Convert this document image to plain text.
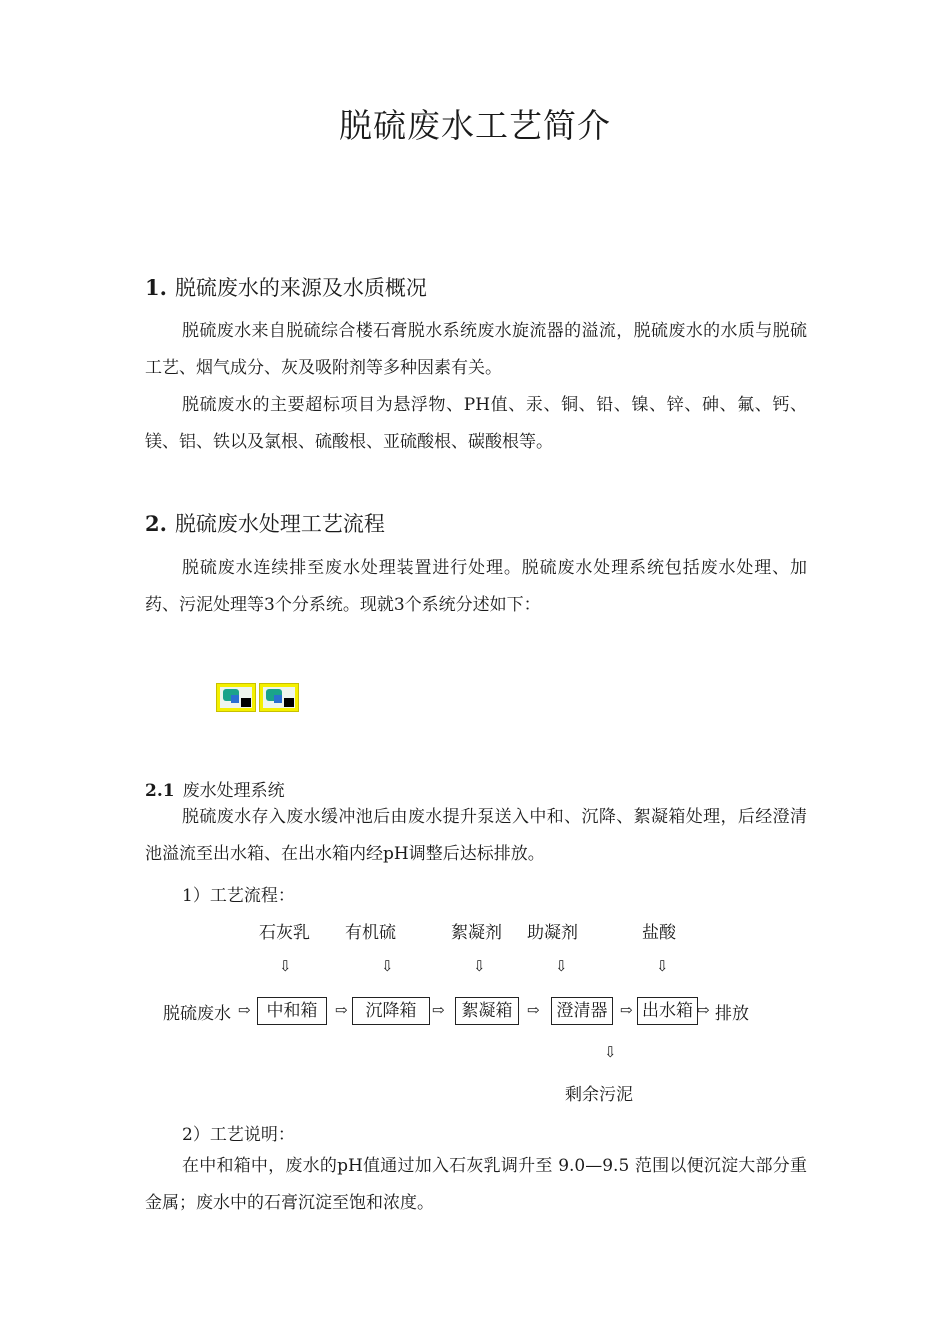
脱硫废水工艺简介
1. 脱硫废水的来源及水质概况
脱硫废水来自脱硫综合楼石膏脱水系统废水旋流器的溢流，脱硫废水的水质与脱硫工艺、烟气成分、灰及吸附剂等多种因素有关。
脱硫废水的主要超标项目为悬浮物、PH值、汞、铜、铅、镍、锌、砷、氟、钙、镁、铝、铁以及氯根、硫酸根、亚硫酸根、碳酸根等。
2. 脱硫废水处理工艺流程
脱硫废水连续排至废水处理装置进行处理。脱硫废水处理系统包括废水处理、加药、污泥处理等3个分系统。现就3个系统分述如下：
2.1 废水处理系统
脱硫废水存入废水缓冲池后由废水提升泵送入中和、沉降、絮凝箱处理，后经澄清池溢流至出水箱、在出水箱内经pH调整后达标排放。
1）工艺流程：
石灰乳 有机硫	絮凝剂 助凝剂	盐酸
⇩	⇩	⇩	⇩	⇩
脱硫废水 ⇨ 中和箱	⇨	沉降箱	⇨ 絮凝箱 ⇨ 澄清器 ⇨ 出水箱 ⇨ 排放
⇩
剩余污泥
2）工艺说明：
在中和箱中，废水的pH值通过加入石灰乳调升至 9.0—9.5 范围以便沉淀大部分重金属；废水中的石膏沉淀至饱和浓度。
